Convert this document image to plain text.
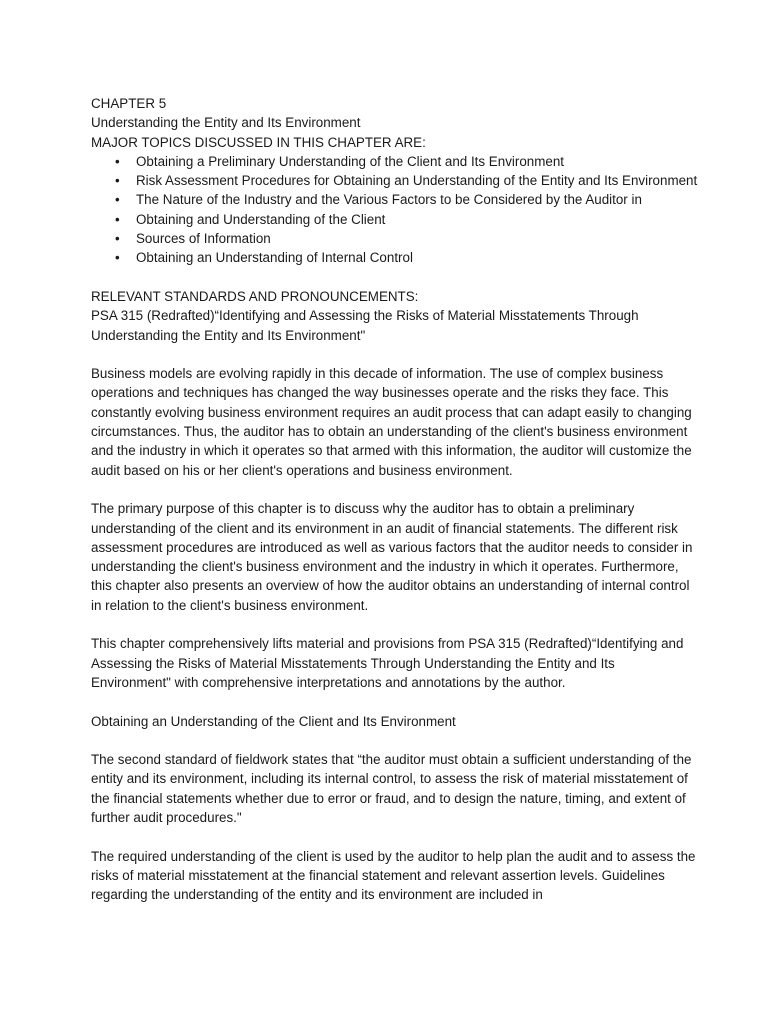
CHAPTER 5
Understanding the Entity and Its Environment
MAJOR TOPICS DISCUSSED IN THIS CHAPTER ARE:
• Obtaining a Preliminary Understanding of the Client and Its Environment
• Risk Assessment Procedures for Obtaining an Understanding of the Entity and Its Environment
• The Nature of the Industry and the Various Factors to be Considered by the Auditor in
• Obtaining and Understanding of the Client
• Sources of Information
• Obtaining an Understanding of Internal Control
RELEVANT STANDARDS AND PRONOUNCEMENTS:

PSA 315 (Redrafted)“Identifying and Assessing the Risks of Material Misstatements Through Understanding the Entity and Its Environment"

Business models are evolving rapidly in this decade of information. The use of complex business operations and techniques has changed the way businesses operate and the risks they face. This constantly evolving business environment requires an audit process that can adapt easily to changing circumstances. Thus, the auditor has to obtain an understanding of the client's business environment and the industry in which it operates so that armed with this information, the auditor will customize the audit based on his or her client's operations and business environment.

The primary purpose of this chapter is to discuss why the auditor has to obtain a preliminary understanding of the client and its environment in an audit of financial statements. The different risk assessment procedures are introduced as well as various factors that the auditor needs to consider in understanding the client's business environment and the industry in which it operates. Furthermore, this chapter also presents an overview of how the auditor obtains an understanding of internal control in relation to the client's business environment.

This chapter comprehensively lifts material and provisions from PSA 315 (Redrafted)“Identifying and Assessing the Risks of Material Misstatements Through Understanding the Entity and Its Environment" with comprehensive interpretations and annotations by the author.

Obtaining an Understanding of the Client and Its Environment

The second standard of fieldwork states that “the auditor must obtain a sufficient understanding of the entity and its environment, including its internal control, to assess the risk of material misstatement of the financial statements whether due to error or fraud, and to design the nature, timing, and extent of further audit procedures."

The required understanding of the client is used by the auditor to help plan the audit and to assess the risks of material misstatement at the financial statement and relevant assertion levels. Guidelines regarding the understanding of the entity and its environment are included in
